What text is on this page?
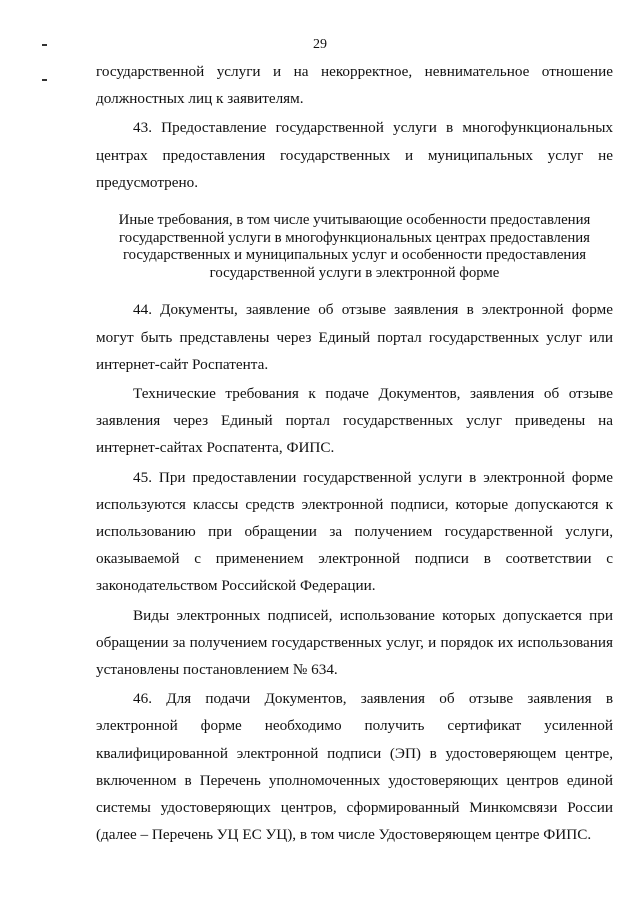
29

государственной услуги и на некорректное, невнимательное отношение должностных лиц к заявителям.

43. Предоставление государственной услуги в многофункциональных центрах предоставления государственных и муниципальных услуг не предусмотрено.

Иные требования, в том числе учитывающие особенности предоставления государственной услуги в многофункциональных центрах предоставления государственных и муниципальных услуг и особенности предоставления государственной услуги в электронной форме

44. Документы, заявление об отзыве заявления в электронной форме могут быть представлены через Единый портал государственных услуг или интернет-сайт Роспатента.

Технические требования к подаче Документов, заявления об отзыве заявления через Единый портал государственных услуг приведены на интернет-сайтах Роспатента, ФИПС.

45. При предоставлении государственной услуги в электронной форме используются классы средств электронной подписи, которые допускаются к использованию при обращении за получением государственной услуги, оказываемой с применением электронной подписи в соответствии с законодательством Российской Федерации.

Виды электронных подписей, использование которых допускается при обращении за получением государственных услуг, и порядок их использования установлены постановлением № 634.

46. Для подачи Документов, заявления об отзыве заявления в электронной форме необходимо получить сертификат усиленной квалифицированной электронной подписи (ЭП) в удостоверяющем центре, включенном в Перечень уполномоченных удостоверяющих центров единой системы удостоверяющих центров, сформированный Минкомсвязи России (далее – Перечень УЦ ЕС УЦ), в том числе Удостоверяющем центре ФИПС.
